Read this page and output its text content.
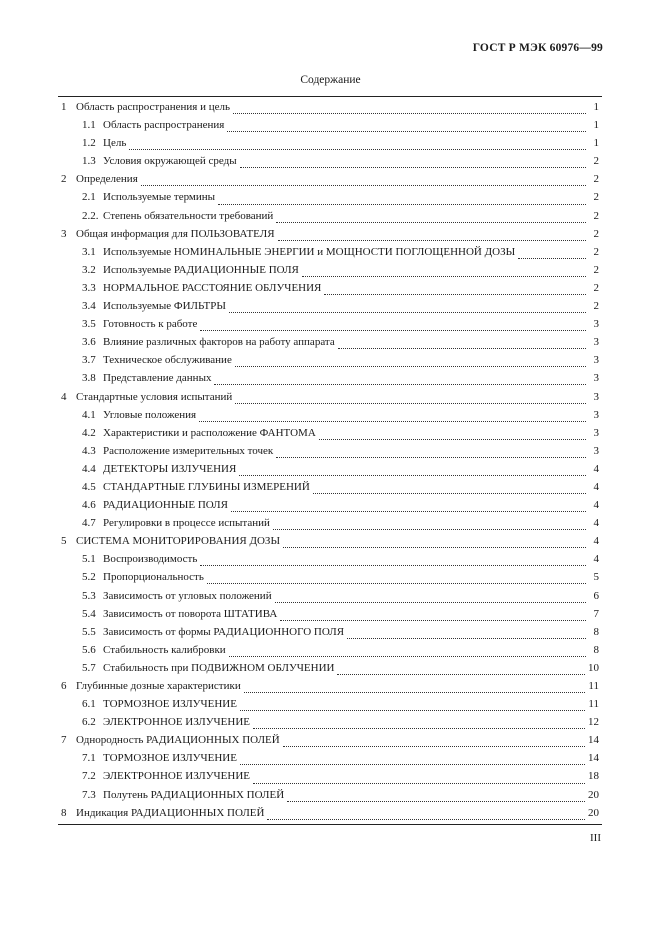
ГОСТ Р МЭК 60976—99
Содержание
1 Область распространения и цель	1
1.1 Область распространения	1
1.2 Цель	1
1.3 Условия окружающей среды	2
2 Определения	2
2.1 Используемые термины	2
2.2. Степень обязательности требований	2
3 Общая информация для ПОЛЬЗОВАТЕЛЯ	2
3.1 Используемые НОМИНАЛЬНЫЕ ЭНЕРГИИ и МОЩНОСТИ ПОГЛОЩЕННОЙ ДОЗЫ	2
3.2 Используемые РАДИАЦИОННЫЕ ПОЛЯ	2
3.3 НОРМАЛЬНОЕ РАССТОЯНИЕ ОБЛУЧЕНИЯ	2
3.4 Используемые ФИЛЬТРЫ	2
3.5 Готовность к работе	3
3.6 Влияние различных факторов на работу аппарата	3
3.7 Техническое обслуживание	3
3.8 Представление данных	3
4 Стандартные условия испытаний	3
4.1 Угловые положения	3
4.2 Характеристики и расположение ФАНТОМА	3
4.3 Расположение измерительных точек	3
4.4 ДЕТЕКТОРЫ ИЗЛУЧЕНИЯ	4
4.5 СТАНДАРТНЫЕ ГЛУБИНЫ ИЗМЕРЕНИЙ	4
4.6 РАДИАЦИОННЫЕ ПОЛЯ	4
4.7 Регулировки в процессе испытаний	4
5 СИСТЕМА МОНИТОРИРОВАНИЯ ДОЗЫ	4
5.1 Воспроизводимость	4
5.2 Пропорциональность	5
5.3 Зависимость от угловых положений	6
5.4 Зависимость от поворота ШТАТИВА	7
5.5 Зависимость от формы РАДИАЦИОННОГО ПОЛЯ	8
5.6 Стабильность калибровки	8
5.7 Стабильность при ПОДВИЖНОМ ОБЛУЧЕНИИ	10
6 Глубинные дозные характеристики	11
6.1 ТОРМОЗНОЕ ИЗЛУЧЕНИЕ	11
6.2 ЭЛЕКТРОННОЕ ИЗЛУЧЕНИЕ	12
7 Однородность РАДИАЦИОННЫХ ПОЛЕЙ	14
7.1 ТОРМОЗНОЕ ИЗЛУЧЕНИЕ	14
7.2 ЭЛЕКТРОННОЕ ИЗЛУЧЕНИЕ	18
7.3 Полутень РАДИАЦИОННЫХ ПОЛЕЙ	20
8 Индикация РАДИАЦИОННЫХ ПОЛЕЙ	20
III
